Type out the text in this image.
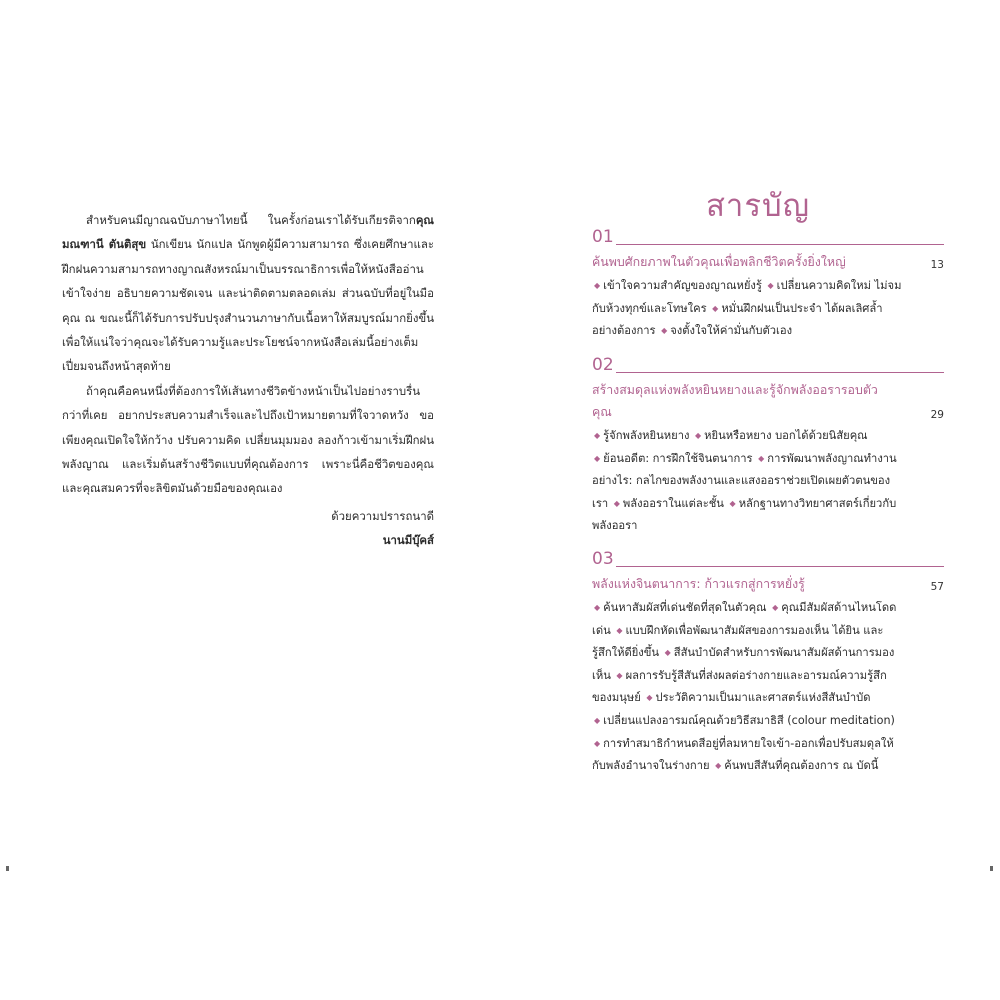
สำหรับคนมีญาณฉบับภาษาไทยนี้ ในครั้งก่อนเราได้รับเกียรติจากคุณมณฑานี ตันติสุข นักเขียน นักแปล นักพูดผู้มีความสามารถ ซึ่งเคยศึกษาและฝึกฝนความสามารถทางญาณสังหรณ์มาเป็นบรรณาธิการเพื่อให้หนังสืออ่านเข้าใจง่าย อธิบายความชัดเจน และน่าติดตามตลอดเล่ม ส่วนฉบับที่อยู่ในมือคุณ ณ ขณะนี้ก็ได้รับการปรับปรุงสำนวนภาษากับเนื้อหาให้สมบูรณ์มากยิ่งขึ้น เพื่อให้แน่ใจว่าคุณจะได้รับความรู้และประโยชน์จากหนังสือเล่มนี้อย่างเต็มเปี่ยมจนถึงหน้าสุดท้าย

ถ้าคุณคือคนหนึ่งที่ต้องการให้เส้นทางชีวิตข้างหน้าเป็นไปอย่างราบรื่นกว่าที่เคย อยากประสบความสำเร็จและไปถึงเป้าหมายตามที่ใจวาดหวัง ขอเพียงคุณเปิดใจให้กว้าง ปรับความคิด เปลี่ยนมุมมอง ลองก้าวเข้ามาเริ่มฝึกฝนพลังญาณ และเริ่มต้นสร้างชีวิตแบบที่คุณต้องการ เพราะนี่คือชีวิตของคุณ และคุณสมควรที่จะลิขิตมันด้วยมือของคุณเอง

ด้วยความปรารถนาดี
นานมีบุ๊คส์
สารบัญ
01
ค้นพบศักยภาพในตัวคุณเพื่อพลิกชีวิตครั้งยิ่งใหญ่	13

◆ เข้าใจความสำคัญของญาณหยั่งรู้ ◆ เปลี่ยนความคิดใหม่ ไม่จมกับห้วงทุกข์และโทษใคร ◆ หมั่นฝึกฝนเป็นประจำ ได้ผลเลิศล้ำอย่างต้องการ ◆ จงตั้งใจให้ค่ามั่นกับตัวเอง

02
สร้างสมดุลแห่งพลังหยินหยางและรู้จักพลังออรารอบตัวคุณ	29

◆ รู้จักพลังหยินหยาง ◆ หยินหรือหยาง บอกได้ด้วยนิสัยคุณ ◆ ย้อนอดีต: การฝึกใช้จินตนาการ ◆ การพัฒนาพลังญาณทำงานอย่างไร: กลไกของพลังงานและแสงออราช่วยเปิดเผยตัวตนของเรา ◆ พลังออราในแต่ละชั้น ◆ หลักฐานทางวิทยาศาสตร์เกี่ยวกับพลังออรา

03
พลังแห่งจินตนาการ: ก้าวแรกสู่การหยั่งรู้	57

◆ ค้นหาสัมผัสที่เด่นชัดที่สุดในตัวคุณ ◆ คุณมีสัมผัสด้านไหนโดดเด่น ◆ แบบฝึกหัดเพื่อพัฒนาสัมผัสของการมองเห็น ได้ยิน และรู้สึกให้ดียิ่งขึ้น ◆ สีสันบำบัดสำหรับการพัฒนาสัมผัสด้านการมองเห็น ◆ ผลการรับรู้สีสันที่ส่งผลต่อร่างกายและอารมณ์ความรู้สึกของมนุษย์ ◆ ประวัติความเป็นมาและศาสตร์แห่งสีสันบำบัด ◆ เปลี่ยนแปลงอารมณ์คุณด้วยวิธีสมาธิสี (colour meditation) ◆ การทำสมาธิกำหนดสีอยู่ที่ลมหายใจเข้า-ออกเพื่อปรับสมดุลให้กับพลังอำนาจในร่างกาย ◆ ค้นพบสีสันที่คุณต้องการ ณ บัดนี้
